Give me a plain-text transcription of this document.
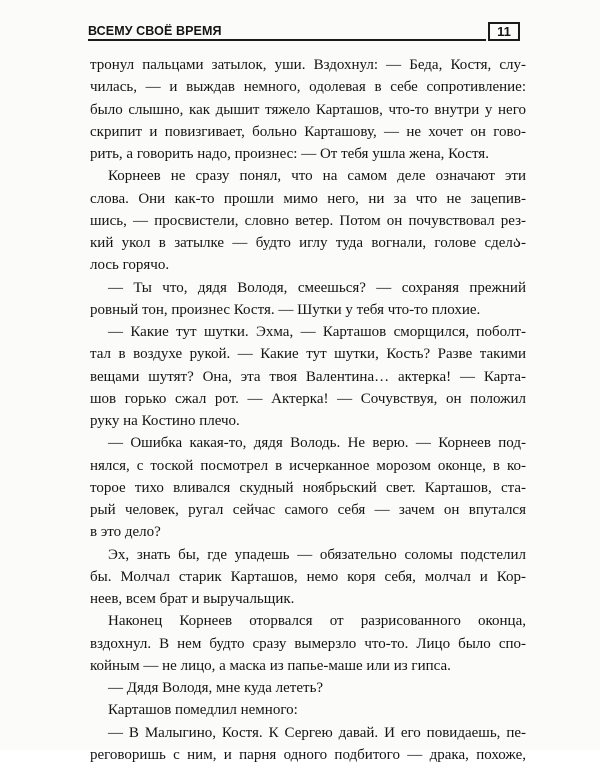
ВСЕМУ СВОЁ ВРЕМЯ	11
тронул пальцами затылок, уши. Вздохнул: — Беда, Костя, слу-
чилась, — и выждав немного, одолевая в себе сопротивление:
было слышно, как дышит тяжело Карташов, что-то внутри у него
скрипит и повизгивает, больно Карташову, — не хочет он гово-
рить, а говорить надо, произнес: — От тебя ушла жена, Костя.
Корнеев не сразу понял, что на самом деле означают эти
слова. Они как-то прошли мимо него, ни за что не зацепив-
шись, — просвистели, словно ветер. Потом он почувствовал рез-
кий укол в затылке — будто иглу туда вогнали, голове сделა-
лось горячо.
— Ты что, дядя Володя, смеешься? — сохраняя прежний
ровный тон, произнес Костя. — Шутки у тебя что-то плохие.
— Какие тут шутки. Эхма, — Карташов сморщился, поболт-
тал в воздухе рукой. — Какие тут шутки, Кость? Разве такими
вещами шутят? Она, эта твоя Валентина… актерка! — Карта-
шов горько сжал рот. — Актерка! — Сочувствуя, он положил
руку на Костино плечо.
— Ошибка какая-то, дядя Володь. Не верю. — Корнеев под-
нялся, с тоской посмотрел в исчерканное морозом оконце, в ко-
торое тихо вливался скудный ноябрьский свет. Карташов, ста-
рый человек, ругал сейчас самого себя — зачем он впутался
в это дело?
Эх, знать бы, где упадешь — обязательно соломы подстелил
бы. Молчал старик Карташов, немо коря себя, молчал и Кор-
неев, всем брат и выручальщик.
Наконец Корнеев оторвался от разрисованного оконца,
вздохнул. В нем будто сразу вымерзло что-то. Лицо было спо-
койным — не лицо, а маска из папье-маше или из гипса.
— Дядя Володя, мне куда лететь?
Карташов помедлил немного:
— В Малыгино, Костя. К Сергею давай. И его повидаешь, пе-
реговоришь с ним, и парня одного подбитого — драка, похоже,
